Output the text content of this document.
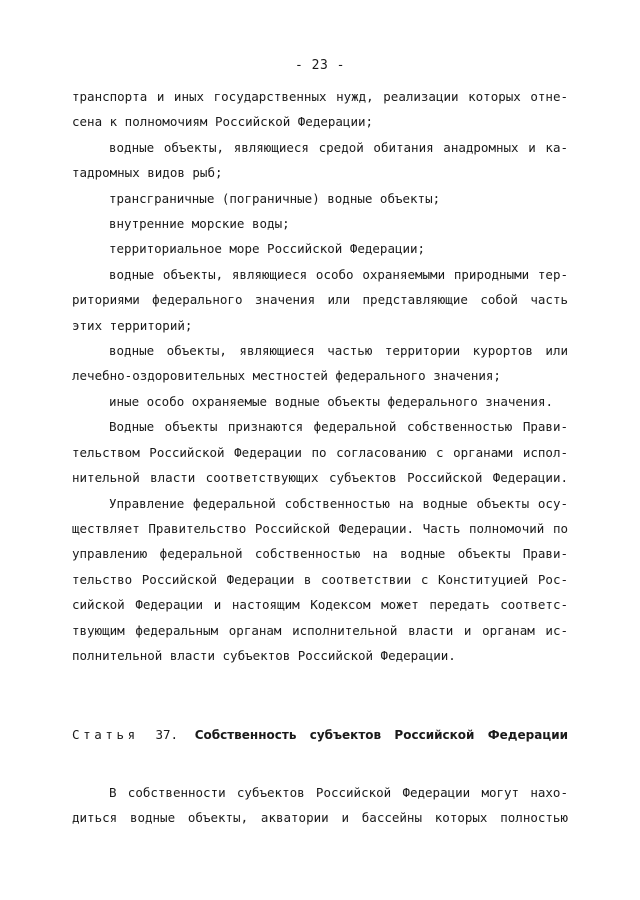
- 23 -
транспорта и иных государственных нужд, реализации которых отне-
сена к полномочиям Российской Федерации;
водные объекты, являющиеся средой обитания анадромных и ка-
тадромных видов рыб;
трансграничные (пограничные) водные объекты;
внутренние морские воды;
территориальное море Российской Федерации;
водные объекты, являющиеся особо охраняемыми природными тер-
риториями федерального значения или представляющие собой часть
этих территорий;
водные объекты, являющиеся частью территории курортов или
лечебно-оздоровительных местностей федерального значения;
иные особо охраняемые водные объекты федерального значения.
Водные объекты признаются федеральной собственностью Прави-
тельством Российской Федерации по согласованию с органами испол-
нительной власти соответствующих субъектов Российской Федерации.
Управление федеральной собственностью на водные объекты осу-
ществляет Правительство Российской Федерации. Часть полномочий по
управлению федеральной собственностью на водные объекты Прави-
тельство Российской Федерации в соответствии с Конституцией Рос-
сийской Федерации и настоящим Кодексом может передать соответс-
твующим федеральным органам исполнительной власти и органам ис-
полнительной власти субъектов Российской Федерации.
Статья 37. Собственность субъектов Российской Федерации
В собственности субъектов Российской Федерации могут нахо-
диться водные объекты, акватории и бассейны которых полностью
